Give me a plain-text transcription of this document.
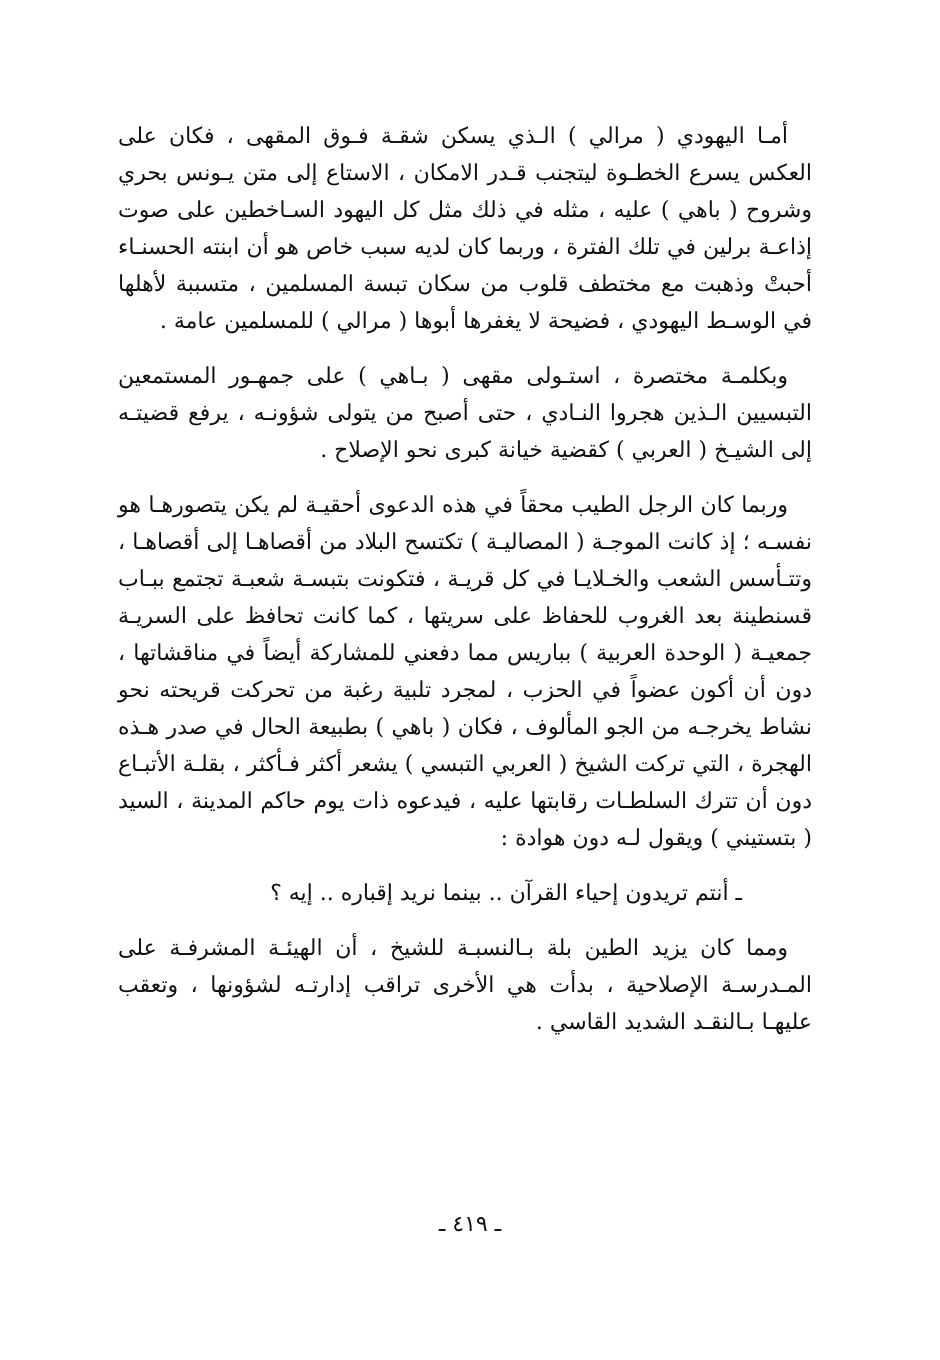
أمـا اليهودي ( مرالي ) الـذي يسكن شقـة فـوق المقهى ، فكان على العكس يسرع الخطـوة ليتجنب قـدر الامكان ، الاستاع إلى متن يـونس بحري وشروح ( باهي ) عليه ، مثله في ذلك مثل كل اليهود السـاخطين على صوت إذاعـة برلين في تلك الفترة ، وربما كان لديه سبب خاص هو أن ابنته الحسنـاء أحبتْ وذهبت مع مختطف قلوب من سكان تبسة المسلمين ، متسببة لأهلها في الوسـط اليهودي ، فضيحة لا يغفرها أبوها ( مرالي ) للمسلمين عامة .

وبكلمـة مختصرة ، استـولى مقهى ( بـاهي ) على جمهـور المستمعين التبسيين الـذين هجروا النـادي ، حتى أصبح من يتولى شؤونـه ، يرفع قضيتـه إلى الشيـخ ( العربي ) كقضية خيانة كبرى نحو الإصلاح .

وربما كان الرجل الطيب محقاً في هذه الدعوى أحقيـة لم يكن يتصورهـا هو نفسـه ؛ إذ كانت الموجـة ( المصاليـة ) تكتسح البلاد من أقصاهـا إلى أقصاهـا ، وتتـأسس الشعب والخـلايـا في كل قريـة ، فتكونت بتبسـة شعبـة تجتمع ببـاب قسنطينة بعد الغروب للحفاظ على سريتها ، كما كانت تحافظ على السريـة جمعيـة ( الوحدة العربية ) بباريس مما دفعني للمشاركة أيضاً في مناقشاتها ، دون أن أكون عضواً في الحزب ، لمجرد تلبية رغبة من تحركت قريحته نحو نشاط يخرجـه من الجو المألوف ، فكان ( باهي ) بطبيعة الحال في صدر هـذه الهجرة ، التي تركت الشيخ ( العربي التبسي ) يشعر أكثر فـأكثر ، بقلـة الأتبـاع دون أن تترك السلطـات رقابتها عليه ، فيدعوه ذات يوم حاكم المدينة ، السيد ( بتستيني ) ويقول لـه دون هوادة :

ـ أنتم تريدون إحياء القرآن .. بينما نريد إقباره .. إيه ؟

ومما كان يزيد الطين بلة بـالنسبـة للشيخ ، أن الهيئـة المشرفـة على المـدرسـة الإصلاحية ، بدأت هي الأخرى تراقب إدارتـه لشؤونها ، وتعقب عليهـا بـالنقـد الشديد القاسي .

ـ ٤١٩ ـ
